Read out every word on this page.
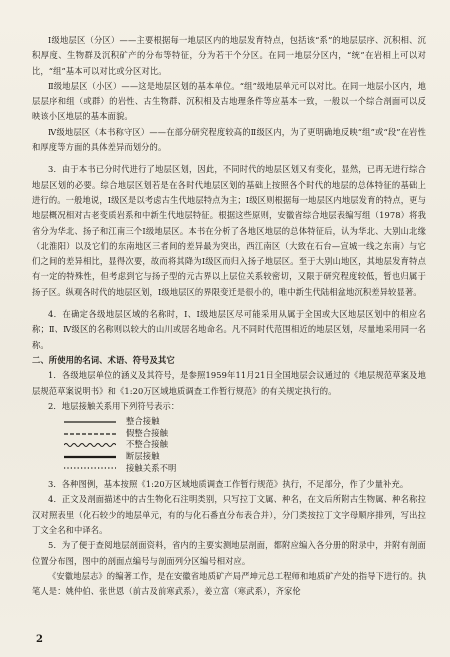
Ⅰ级地层区（分区）——主要根据每一地层区内的地层发育特点，包括该“系”的地层层序、沉积相、沉积厚度、生物群及沉积矿产的分布等特征，分为若干个分区。在同一地层分区内，“统”在岩相上可以对比，“组”基本可以对比或分区对比。

Ⅱ级地层区（小区）——这是地层区划的基本单位。“组”级地层单元可以对比。在同一地层小区内，地层层序和组（或群）的岩性、古生物群、沉积相及古地理条件等应基本一致，一般以一个综合剖面可以反映该小区地层的基本面貌。

Ⅳ级地层区（本书称守区）——在部分研究程度较高的Ⅱ级区内，为了更明确地反映“组”或“段”在岩性和厚度等方面的具体差异而划分的。

3．由于本书已分时代进行了地层区划，因此，不同时代的地层区划又有变化，显然，已再无进行综合地层区划的必要。综合地层区划若是在各时代地层区划的基础上按照各个时代的地层的总体特征的基础上进行的。一般地说，Ⅰ级区是以考虑古生代地层特点为主；Ⅰ级区则根据每一地层区内地层发育的特点，更与地层概况相对古老变质岩系和中新生代地层特征。根据这些原则，安徽省综合地层表编写组（1978）将我省分为华北、扬子和江南三个Ⅰ级地层区。本书在分析了各地区地层的总体特征后，认为华北、大别山北缘（北淮阳）以及它们的东南地区三者间的差异最为突出，西江南区（大致在石台—宣城一线之东南）与它们之间的差异相比，显得次要，故而将其降为Ⅰ级区而归入扬子地层区。至于大别山地区，其地层发育特点有一定的特殊性，但考虑到它与扬子型的元古界以上层位关系较密切，又限于研究程度较低，暂也归属于扬子区。纵观各时代的地层区划，Ⅰ级地层区的界限变迁是很小的，唯中新生代陆相盆地沉积差异较显著。

4．在确定各级地层区域的名称时，Ⅰ、Ⅰ级地层区尽可能采用从属于全国或大区地层区划中的相应名称；Ⅱ、Ⅳ级区的名称则以较大的山川或居名地命名。凡不同时代范围相近的地层区划，尽量地采用同一名称。

二、所使用的名词、术语、符号及其它

1．各级地层单位的涵义及其符号，是参照1959年11月21日全国地层会议通过的《地层规范草案及地层规范草案说明书》和《1:20万区域地质调查工作暂行规范》的有关规定执行的。

2．地层接触关系用下列符号表示：

整合接触
假整合接触
不整合接触
断层接触
接触关系不明

3．各种图例，基本按照《1:20万区域地质调查工作暂行规范》执行，不足部分，作了少量补充。

4．正文及剖面描述中的古生物化石注明类别，只写拉丁文属、种名，在文后所附古生物属、种名称拉汉对照表里（化石较少的地层单元，有的与化石番直分布表合并），分门类按拉丁文字母顺序排列，写出拉丁文全名和中译名。

5．为了便于查阅地层剖面资料，省内的主要实测地层剖面，都附应编入各分册的附录中，并附有剖面位置分布图，图中的剖面点编号与剖面列分区编号相对应。

《安徽地层志》的编著工作，是在安徽省地质矿产局严坤元总工程师和地质矿产处的指导下进行的。执笔人是：姚仲伯、张世恩（前古及前寒武系），姜立富（寒武系），齐家伦

2
